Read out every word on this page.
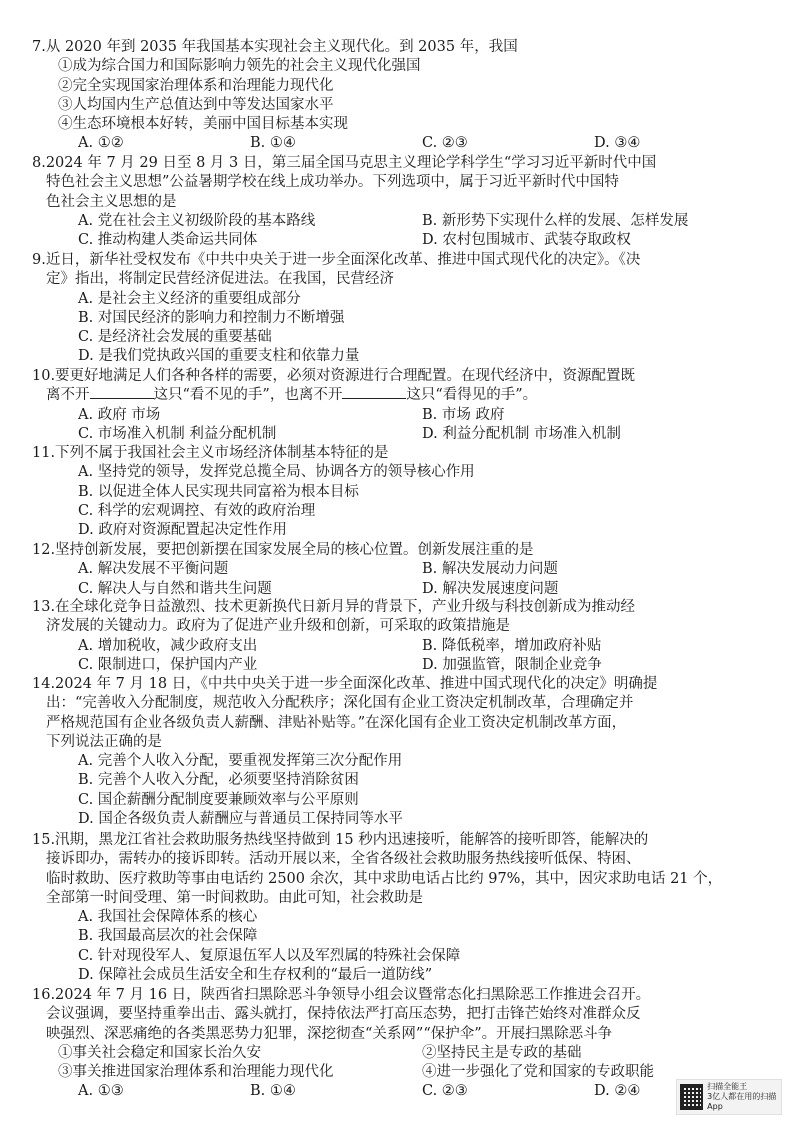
7.从 2020 年到 2035 年我国基本实现社会主义现代化。到 2035 年，我国
①成为综合国力和国际影响力领先的社会主义现代化强国
②完全实现国家治理体系和治理能力现代化
③人均国内生产总值达到中等发达国家水平
④生态环境根本好转，美丽中国目标基本实现
A. ①②	B. ①④	C. ②③	D. ③④
8.2024 年 7 月 29 日至 8 月 3 日，第三届全国马克思主义理论学科学生“学习习近平新时代中国
特色社会主义思想”公益暑期学校在线上成功举办。下列选项中，属于习近平新时代中国特
色社会主义思想的是
A. 党在社会主义初级阶段的基本路线	B. 新形势下实现什么样的发展、怎样发展
C. 推动构建人类命运共同体	D. 农村包围城市、武装夺取政权
9.近日，新华社受权发布《中共中央关于进一步全面深化改革、推进中国式现代化的决定》。《决
定》指出，将制定民营经济促进法。在我国，民营经济
A. 是社会主义经济的重要组成部分
B. 对国民经济的影响力和控制力不断增强
C. 是经济社会发展的重要基础
D. 是我们党执政兴国的重要支柱和依靠力量
10.要更好地满足人们各种各样的需要，必须对资源进行合理配置。在现代经济中，资源配置既
离不开	这只“看不见的手”，也离不开	这只“看得见的手”。
A. 政府 市场	B. 市场 政府
C. 市场准入机制 利益分配机制	D. 利益分配机制 市场准入机制
11.下列不属于我国社会主义市场经济体制基本特征的是
A. 坚持党的领导，发挥党总揽全局、协调各方的领导核心作用
B. 以促进全体人民实现共同富裕为根本目标
C. 科学的宏观调控、有效的政府治理
D. 政府对资源配置起决定性作用
12.坚持创新发展，要把创新摆在国家发展全局的核心位置。创新发展注重的是
A. 解决发展不平衡问题	B. 解决发展动力问题
C. 解决人与自然和谐共生问题	D. 解决发展速度问题
13.在全球化竞争日益激烈、技术更新换代日新月异的背景下，产业升级与科技创新成为推动经
济发展的关键动力。政府为了促进产业升级和创新，可采取的政策措施是
A. 增加税收，减少政府支出	B. 降低税率，增加政府补贴
C. 限制进口，保护国内产业	D. 加强监管，限制企业竞争
14.2024 年 7 月 18 日，《中共中央关于进一步全面深化改革、推进中国式现代化的决定》明确提
出：“完善收入分配制度，规范收入分配秩序；深化国有企业工资决定机制改革，合理确定并
严格规范国有企业各级负责人薪酬、津贴补贴等。”在深化国有企业工资决定机制改革方面，
下列说法正确的是
A. 完善个人收入分配，要重视发挥第三次分配作用
B. 完善个人收入分配，必须要坚持消除贫困
C. 国企薪酬分配制度要兼顾效率与公平原则
D. 国企各级负责人薪酬应与普通员工保持同等水平
15.汛期，黑龙江省社会救助服务热线坚持做到 15 秒内迅速接听，能解答的接听即答，能解决的
接诉即办，需转办的接诉即转。活动开展以来，全省各级社会救助服务热线接听低保、特困、
临时救助、医疗救助等事由电话约 2500 余次，其中求助电话占比约 97%，其中，因灾求助电话 21 个，
全部第一时间受理、第一时间救助。由此可知，社会救助是
A. 我国社会保障体系的核心
B. 我国最高层次的社会保障
C. 针对现役军人、复原退伍军人以及军烈属的特殊社会保障
D. 保障社会成员生活安全和生存权利的“最后一道防线”
16.2024 年 7 月 16 日，陕西省扫黑除恶斗争领导小组会议暨常态化扫黑除恶工作推进会召开。
会议强调，要坚持重拳出击、露头就打，保持依法严打高压态势，把打击锋芒始终对准群众反
映强烈、深恶痛绝的各类黑恶势力犯罪，深挖彻查“关系网”“保护伞”。开展扫黑除恶斗争
①事关社会稳定和国家长治久安	②坚持民主是专政的基础
③事关推进国家治理体系和治理能力现代化	④进一步强化了党和国家的专政职能
A. ①③	B. ①④	C. ②③	D. ②④	扫描全能王
3亿人都在用的扫描App
